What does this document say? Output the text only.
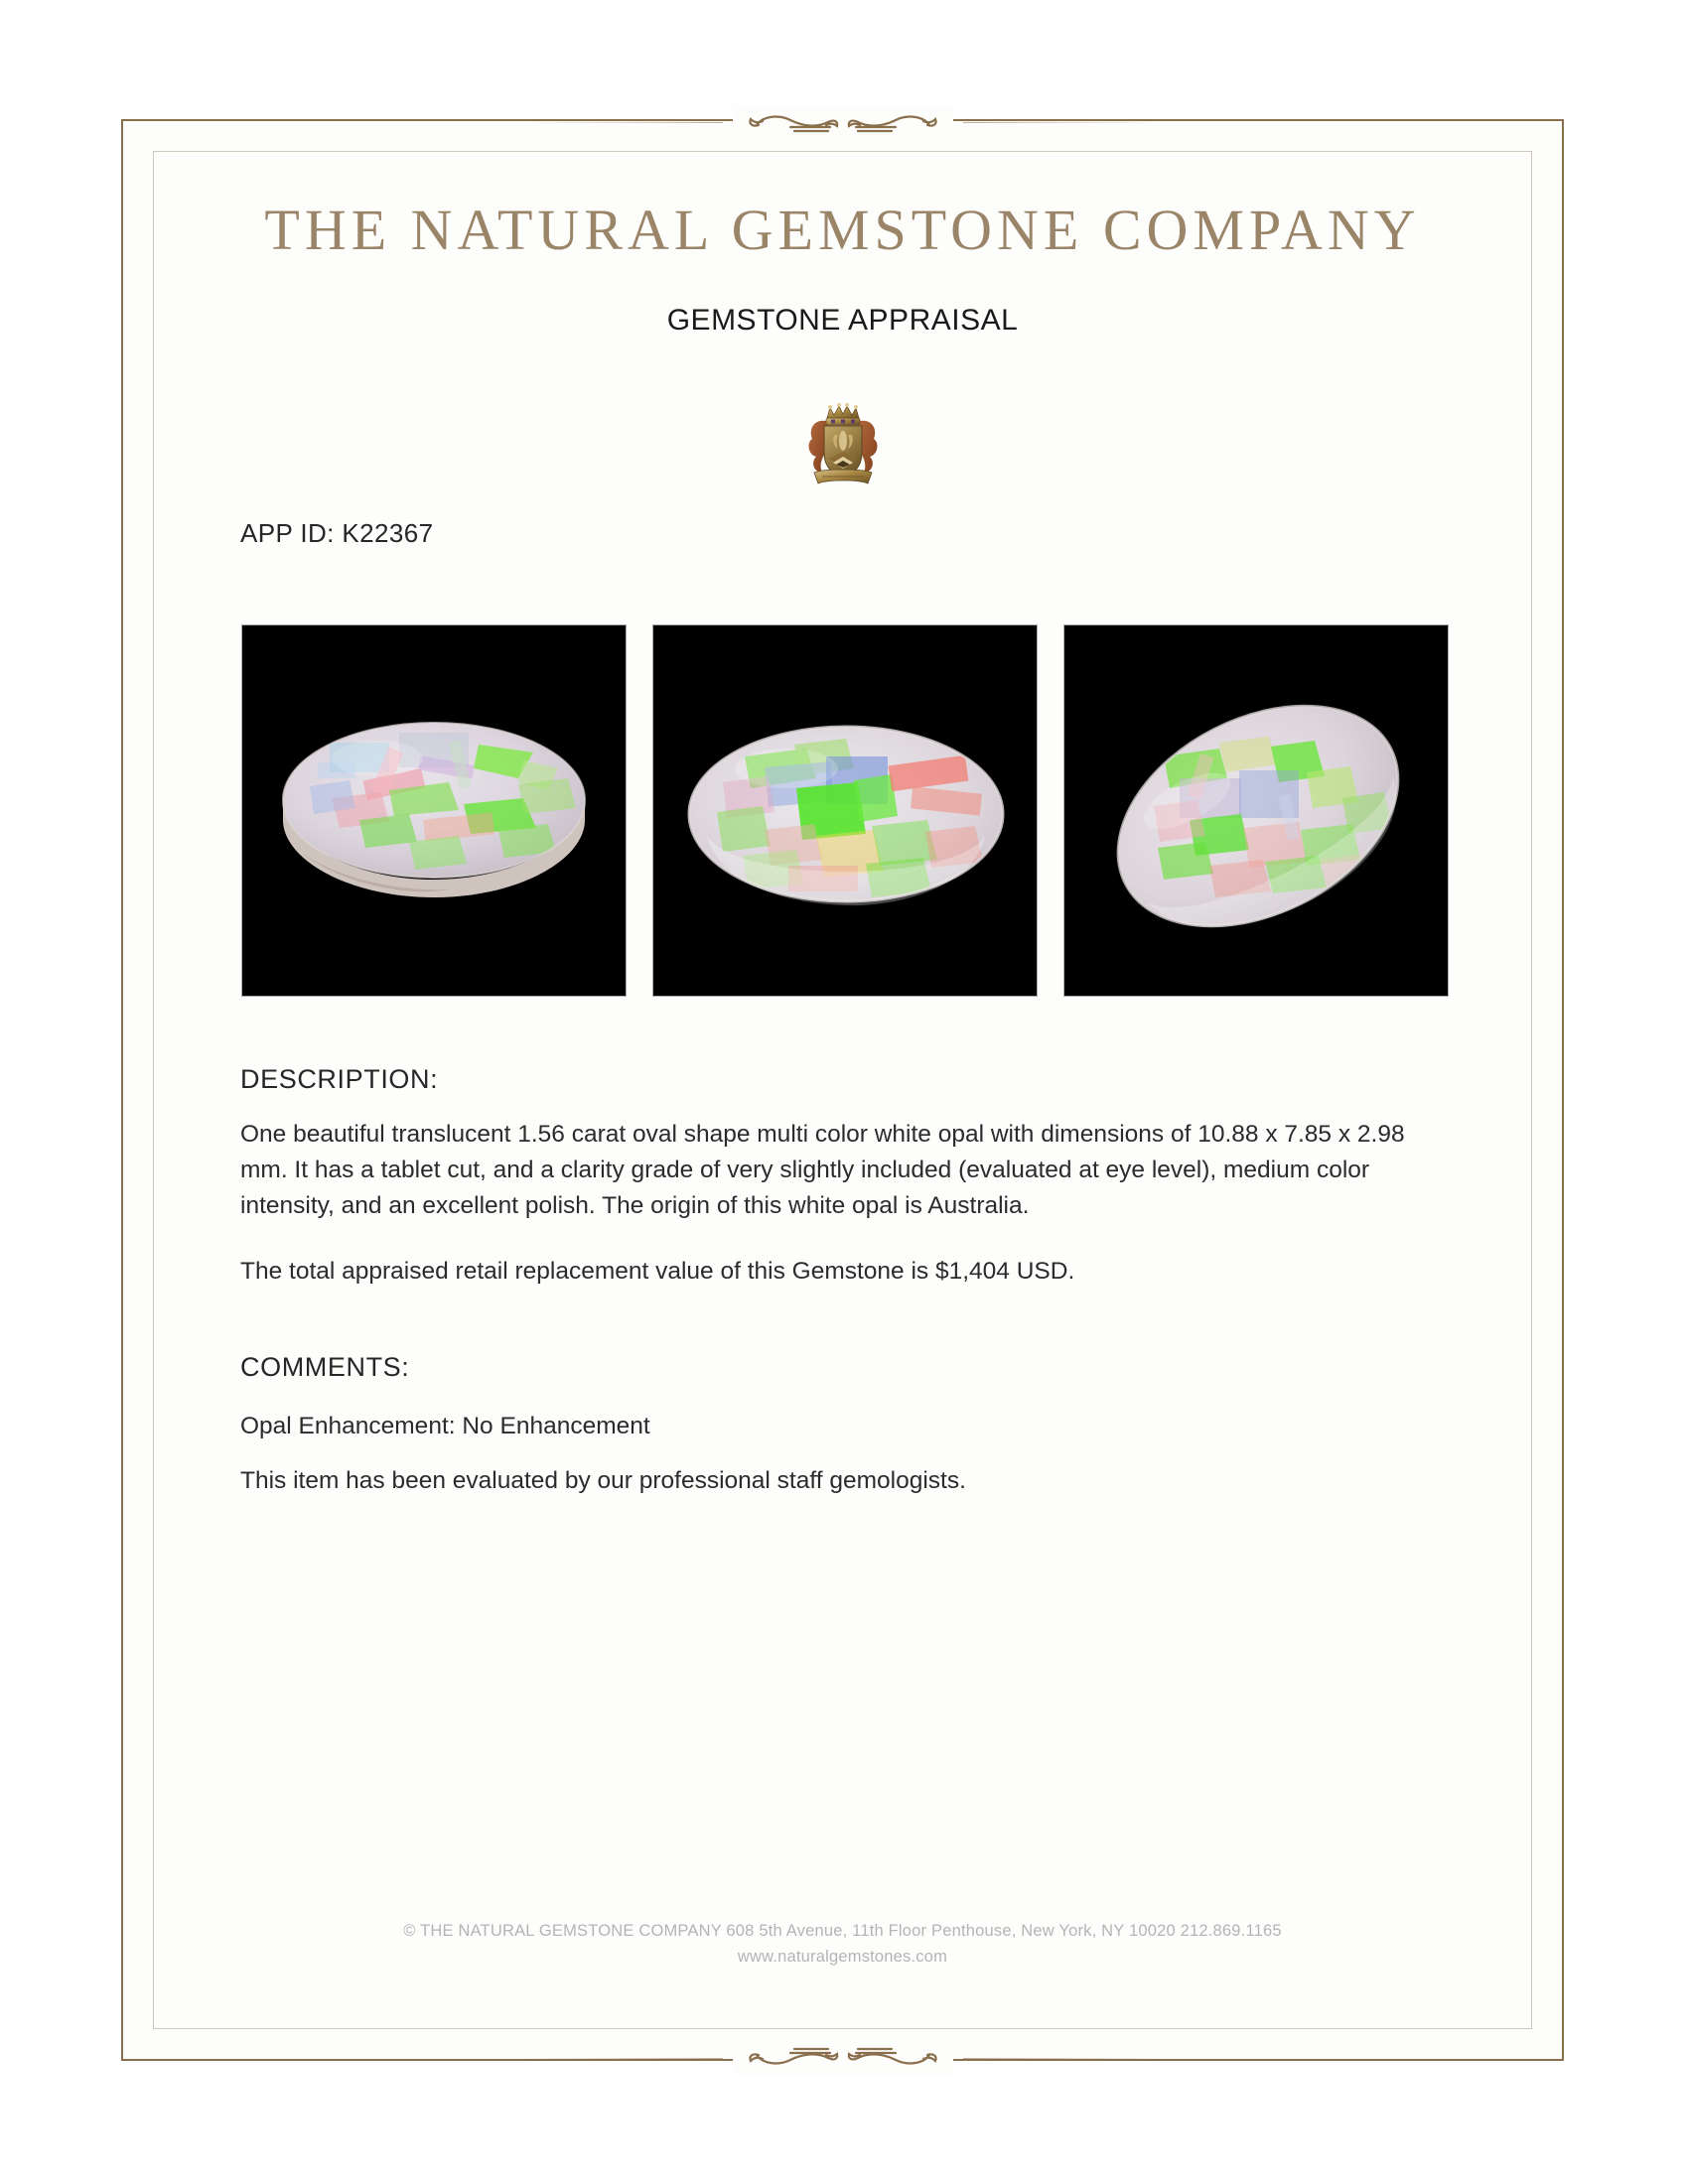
THE NATURAL GEMSTONE COMPANY
GEMSTONE APPRAISAL
APP ID: K22367
DESCRIPTION:
One beautiful translucent 1.56 carat oval shape multi color white opal with dimensions of 10.88 x 7.85 x 2.98 mm. It has a tablet cut, and a clarity grade of very slightly included (evaluated at eye level), medium color intensity, and an excellent polish. The origin of this white opal is Australia.
The total appraised retail replacement value of this Gemstone is $1,404 USD.
COMMENTS:
Opal Enhancement: No Enhancement
This item has been evaluated by our professional staff gemologists.
© THE NATURAL GEMSTONE COMPANY 608 5th Avenue, 11th Floor Penthouse, New York, NY 10020 212.869.1165
www.naturalgemstones.com
